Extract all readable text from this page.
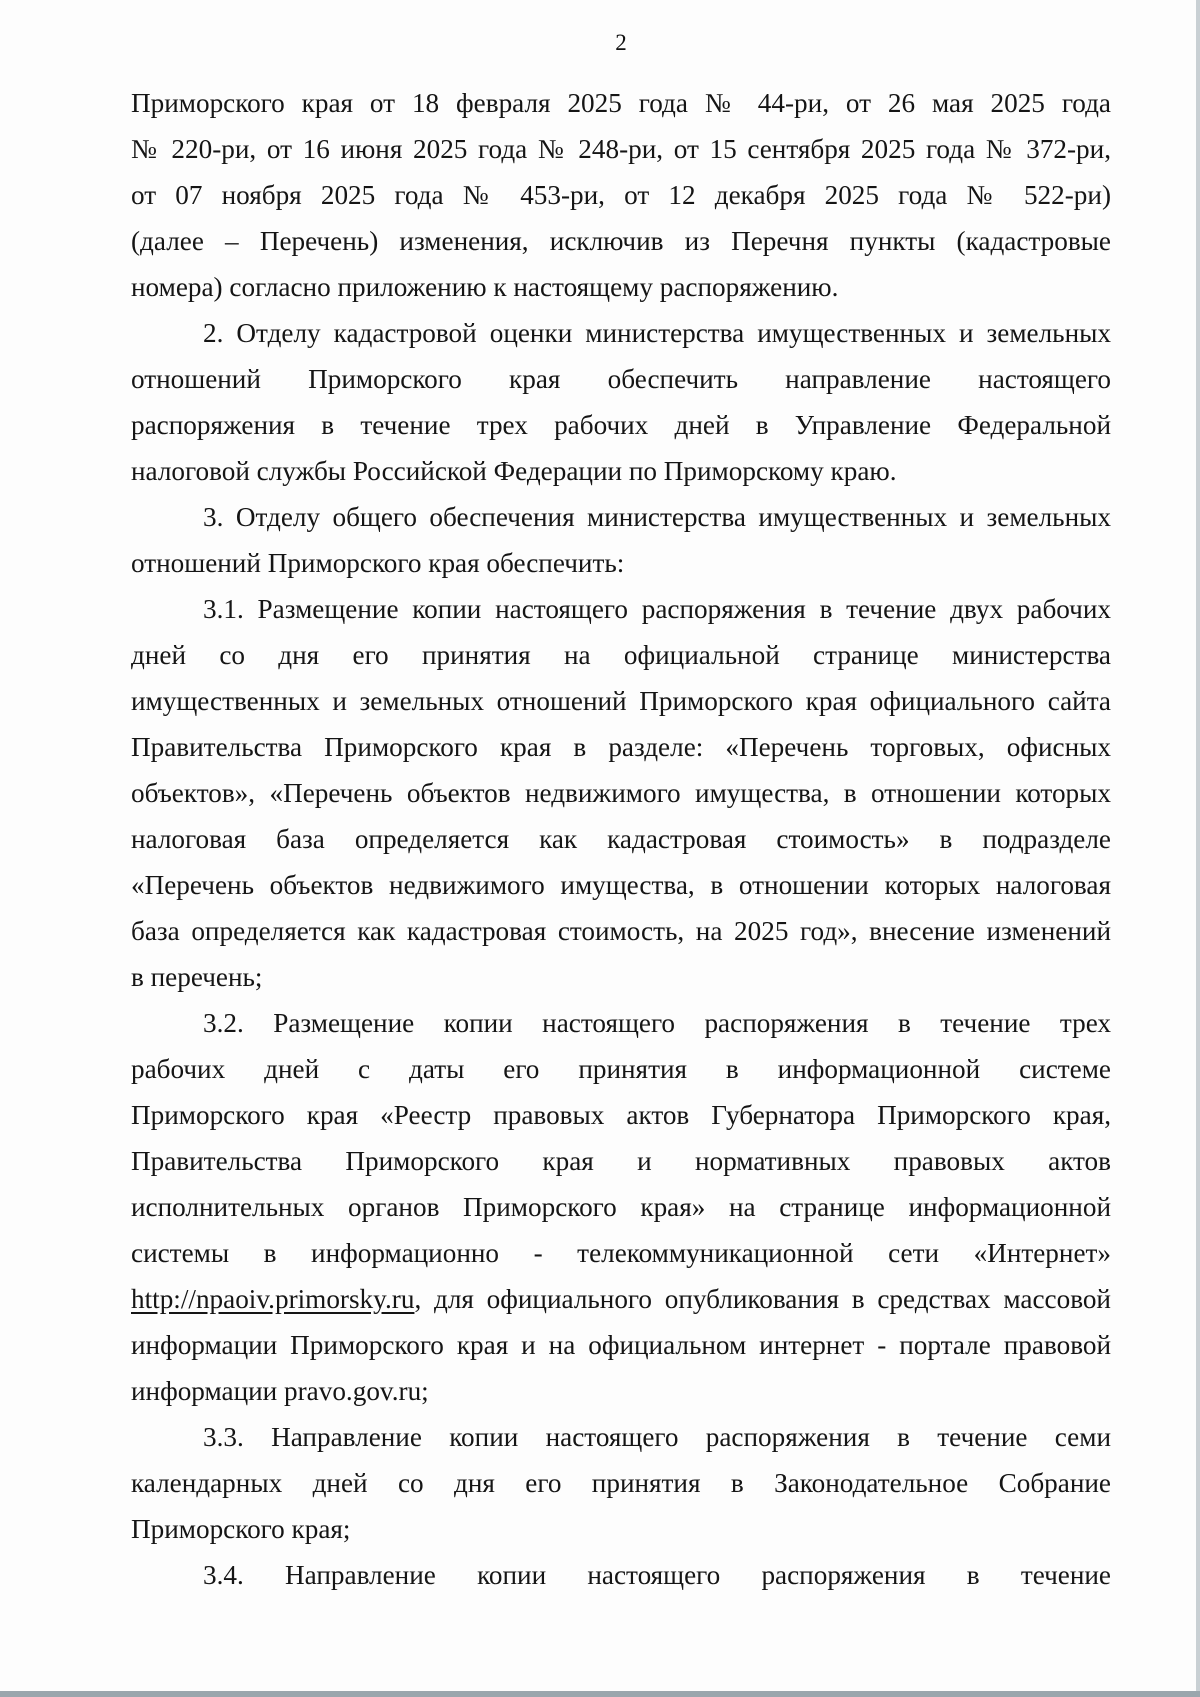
2
Приморского края от 18 февраля 2025 года № 44-ри, от 26 мая 2025 года
№ 220-ри, от 16 июня 2025 года № 248-ри, от 15 сентября 2025 года № 372-ри,
от 07 ноября 2025 года № 453-ри, от 12 декабря 2025 года № 522-ри)
(далее – Перечень) изменения, исключив из Перечня пункты (кадастровые
номера) согласно приложению к настоящему распоряжению.
2. Отделу кадастровой оценки министерства имущественных и земельных
отношений Приморского края обеспечить направление настоящего
распоряжения в течение трех рабочих дней в Управление Федеральной
налоговой службы Российской Федерации по Приморскому краю.
3. Отделу общего обеспечения министерства имущественных и земельных
отношений Приморского края обеспечить:
3.1. Размещение копии настоящего распоряжения в течение двух рабочих
дней со дня его принятия на официальной странице министерства
имущественных и земельных отношений Приморского края официального сайта
Правительства Приморского края в разделе: «Перечень торговых, офисных
объектов», «Перечень объектов недвижимого имущества, в отношении которых
налоговая база определяется как кадастровая стоимость» в подразделе
«Перечень объектов недвижимого имущества, в отношении которых налоговая
база определяется как кадастровая стоимость, на 2025 год», внесение изменений
в перечень;
3.2. Размещение копии настоящего распоряжения в течение трех
рабочих дней с даты его принятия в информационной системе
Приморского края «Реестр правовых актов Губернатора Приморского края,
Правительства Приморского края и нормативных правовых актов
исполнительных органов Приморского края» на странице информационной
системы в информационно - телекоммуникационной сети «Интернет»
http://npaoiv.primorsky.ru, для официального опубликования в средствах массовой
информации Приморского края и на официальном интернет - портале правовой
информации pravo.gov.ru;
3.3. Направление копии настоящего распоряжения в течение семи
календарных дней со дня его принятия в Законодательное Собрание
Приморского края;
3.4. Направление копии настоящего распоряжения в течение
